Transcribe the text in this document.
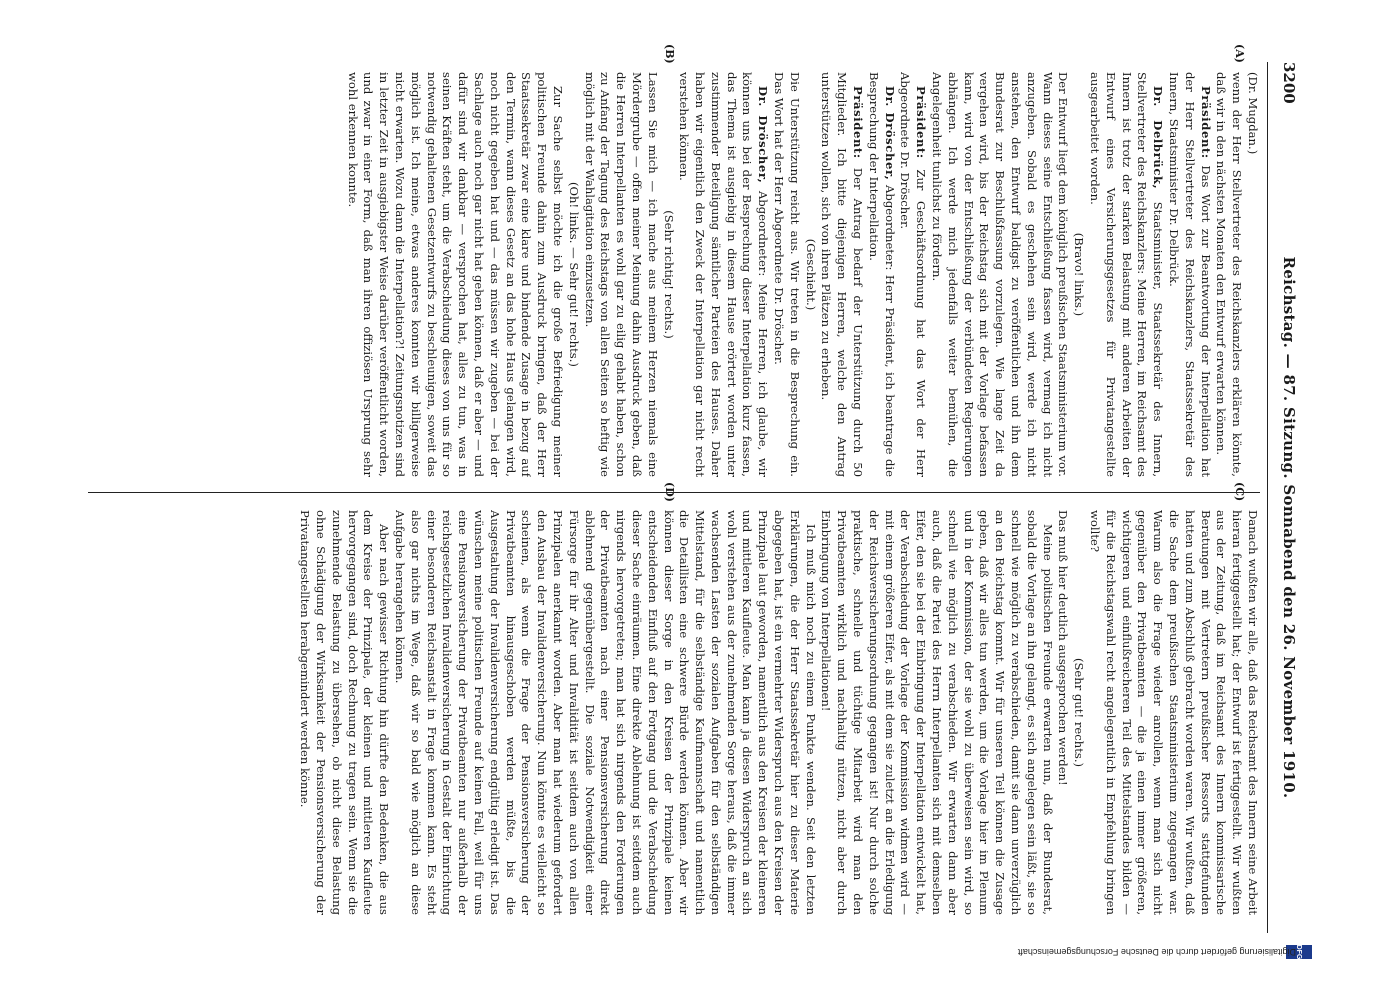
DFG
Digitalisierung gefördert durch die Deutsche Forschungsgemeinschaft
3200
Reichstag. — 87. Sitzung. Sonnabend den 26. November 1910.
(A)
(B)
(C)
(D)

(Dr. Mugdan.)

wenn der Herr Stellvertreter des Reichskanzlers erklären könnte, daß wir in den nächsten Monaten den Entwurf erwarten können.

Präsident: Das Wort zur Beantwortung der Interpellation hat der Herr Stellvertreter des Reichskanzlers, Staatssekretär des Innern, Staatsminister Dr. Delbrück.

Dr. Delbrück, Staatsminister, Staatssekretär des Innern, Stellvertreter des Reichskanzlers: Meine Herren, im Reichsamt des Innern ist trotz der starken Belastung mit anderen Arbeiten der Entwurf eines Versicherungsgesetzes für Privatangestellte ausgearbeitet worden.

(Bravo! links.)

Der Entwurf liegt dem königlich preußischen Staatsministerium vor. Wann dieses seine Entschließung fassen wird, vermag ich nicht anzugeben. Sobald es geschehen sein wird, werde ich nicht anstehen, den Entwurf baldigst zu veröffentlichen und ihn dem Bundesrat zur Beschlußfassung vorzulegen. Wie lange Zeit da vergehen wird, bis der Reichstag sich mit der Vorlage befassen kann, wird von der Entschließung der verbündeten Regierungen abhängen. Ich werde mich jedenfalls weiter bemühen, die Angelegenheit tunlichst zu fördern.

Präsident: Zur Geschäftsordnung hat das Wort der Herr Abgeordnete Dr. Dröscher.

Dr. Dröscher, Abgeordneter: Herr Präsident, ich beantrage die Besprechung der Interpellation.

Präsident: Der Antrag bedarf der Unterstützung durch 50 Mitglieder. Ich bitte diejenigen Herren, welche den Antrag unterstützen wollen, sich von ihren Plätzen zu erheben.

(Geschieht.)

Die Unterstützung reicht aus. Wir treten in die Besprechung ein. Das Wort hat der Herr Abgeordnete Dr. Dröscher.

Dr. Dröscher, Abgeordneter: Meine Herren, ich glaube, wir können uns bei der Besprechung dieser Interpellation kurz fassen, das Thema ist ausgiebig in diesem Hause erörtert worden unter zustimmender Beteiligung sämtlicher Parteien des Hauses. Daher haben wir eigentlich den Zweck der Interpellation gar nicht recht verstehen können.

(Sehr richtig! rechts.)

Lassen Sie mich — ich mache aus meinem Herzen niemals eine Mördergrube — offen meiner Meinung dahin Ausdruck geben, daß die Herren Interpellanten es wohl gar zu eilig gehabt haben, schon zu Anfang der Tagung des Reichstags von allen Seiten so heftig wie möglich mit der Wahlagitation einzusetzen.

(Oh! links. — Sehr gut! rechts.)

Zur Sache selbst möchte ich die große Befriedigung meiner politischen Freunde dahin zum Ausdruck bringen, daß der Herr Staatssekretär zwar eine klare und bindende Zusage in bezug auf den Termin, wann dieses Gesetz an das hohe Haus gelangen wird, noch nicht gegeben hat und — das müssen wir zugeben — bei der Sachlage auch noch gar nicht hat geben können, daß er aber — und dafür sind wir dankbar — versprochen hat, alles zu tun, was in seinen Kräften steht, um die Verabschiedung dieses von uns für so notwendig gehaltenen Gesetzentwurfs zu beschleunigen, soweit das möglich ist. Ich meine, etwas anderes konnten wir billigerweise nicht erwarten. Wozu dann die Interpellation?! Zeitungsnotizen sind in letzter Zeit in ausgiebigster Weise darüber veröffentlicht worden, und zwar in einer Form, daß man ihren offiziösen Ursprung sehr wohl erkennen konnte.

Danach wußten wir alle, daß das Reichsamt des Innern seine Arbeit hieran fertiggestellt hat; der Entwurf ist fertiggestellt. Wir wußten aus der Zeitung, daß im Reichsamt des Innern kommissarische Beratungen mit Vertretern preußischer Ressorts stattgefunden hatten und zum Abschluß gebracht worden waren. Wir wußten, daß die Sache dem preußischen Staatsministerium zugegangen war. Warum also die Frage wieder anrollen, wenn man sich nicht gegenüber den Privatbeamten — die ja einen immer größeren, wichtigeren und einflußreicheren Teil des Mittelstandes bilden — für die Reichstagswahl recht angelegentlich in Empfehlung bringen wollte?

(Sehr gut! rechts.)

Das muß hier deutlich ausgesprochen werden!

Meine politischen Freunde erwarten nun, daß der Bundesrat, sobald die Vorlage an ihn gelangt, es sich angelegen sein läßt, sie so schnell wie möglich zu verabschieden, damit sie dann unverzüglich an den Reichstag kommt. Wir für unseren Teil können die Zusage geben, daß wir alles tun werden, um die Vorlage hier im Plenum und in der Kommission, der sie wohl zu überweisen sein wird, so schnell wie möglich zu verabschieden. Wir erwarten dann aber auch, daß die Partei des Herrn Interpellanten sich mit demselben Eifer, den sie bei der Einbringung der Interpellation entwickelt hat, der Verabschiedung der Vorlage der Kommission widmen wird — mit einem größeren Eifer, als mit dem sie zuletzt an die Erledigung der Reichsversicherungsordnung gegangen ist! Nur durch solche praktische, schnelle und tüchtige Mitarbeit wird man den Privatbeamten wirklich und nachhaltig nützen, nicht aber durch Einbringung von Interpellationen!

Ich muß mich noch zu einem Punkte wenden. Seit den letzten Erklärungen, die der Herr Staatssekretär hier zu dieser Materie abgegeben hat, ist ein vermehrter Widerspruch aus den Kreisen der Prinzipale laut geworden, namentlich aus den Kreisen der kleineren und mittleren Kaufleute. Man kann ja diesen Widerspruch an sich wohl verstehen aus der zunehmenden Sorge heraus, daß die immer wachsenden Lasten der sozialen Aufgaben für den selbständigen Mittelstand, für die selbständige Kaufmannschaft und namentlich die Detaillisten eine schwere Bürde werden können. Aber wir können dieser Sorge in den Kreisen der Prinzipale keinen entscheidenden Einfluß auf den Fortgang und die Verabschiedung dieser Sache einräumen. Eine direkte Ablehnung ist seitdem auch nirgends hervorgetreten; man hat sich nirgends den Forderungen der Privatbeamten nach einer Pensionsversicherung direkt ablehnend gegenübergestellt. Die soziale Notwendigkeit einer Fürsorge für ihr Alter und Invalidität ist seitdem auch von allen Prinzipalen anerkannt worden. Aber man hat wiederum gefordert den Ausbau der Invalidenversicherung. Nun könnte es vielleicht so scheinen, als wenn die Frage der Pensionsversicherung der Privatbeamten hinausgeschoben werden müßte, bis die Ausgestaltung der Invalidenversicherung endgültig erledigt ist. Das wünschen meine politischen Freunde auf keinen Fall, weil für uns eine Pensionsversicherung der Privatbeamten nur außerhalb der reichsgesetzlichen Invalidenversicherung in Gestalt der Einrichtung einer besonderen Reichsanstalt in Frage kommen kann. Es steht also gar nichts im Wege, daß wir so bald wie möglich an diese Aufgabe herangehen können.

Aber nach gewisser Richtung hin dürfte den Bedenken, die aus dem Kreise der Prinzipale, der kleinen und mittleren Kaufleute hervorgegangen sind, doch Rechnung zu tragen sein. Wenn sie die zunehmende Belastung zu übersehen, ob nicht diese Belastung ohne Schädigung der Wirksamkeit der Pensionsversicherung der Privatangestellten herabgemindert werden könne.
